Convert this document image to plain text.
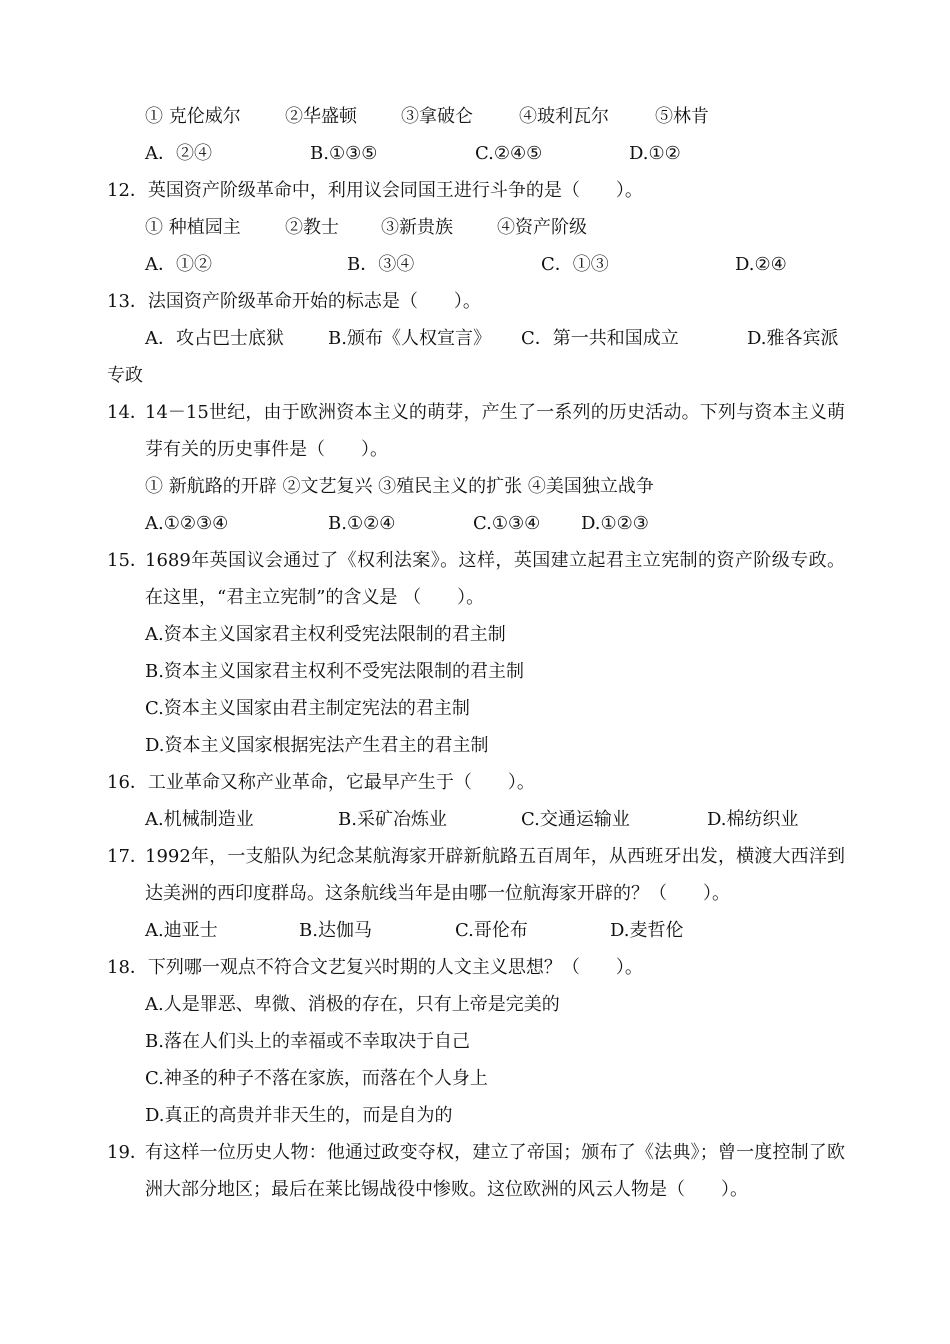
① 克伦威尔 ②华盛顿 ③拿破仑	④玻利瓦尔	⑤林肯
A．②④	B.①③⑤	C.②④⑤	D.①②
12．英国资产阶级革命中，利用议会同国王进行斗争的是（　　）。
① 种植园主 ②教士 ③新贵族 ④资产阶级
A．①②	B．③④	C．①③	D.②④
13．法国资产阶级革命开始的标志是（　　）。
A．攻占巴士底狱 B.颁布《人权宣言》 C．第一共和国成立	D.雅各宾派
专政
14．
14－15世纪，由于欧洲资本主义的萌芽，产生了一系列的历史活动。下列与资本主义萌芽有关的历史事件是（　　）。
① 新航路的开辟 ②文艺复兴 ③殖民主义的扩张 ④美国独立战争
A.①②③④	B.①②④	C.①③④ D.①②③
15．
1689年英国议会通过了《权利法案》。这样，英国建立起君主立宪制的资产阶级专政。在这里，“君主立宪制”的含义是 （　　）。
A.资本主义国家君主权利受宪法限制的君主制
B.资本主义国家君主权利不受宪法限制的君主制
C.资本主义国家由君主制定宪法的君主制
D.资本主义国家根据宪法产生君主的君主制
16．工业革命又称产业革命，它最早产生于（　　）。
A.机械制造业	B.采矿冶炼业	C.交通运输业	D.棉纺织业
17．
1992年，一支船队为纪念某航海家开辟新航路五百周年，从西班牙出发，横渡大西洋到达美洲的西印度群岛。这条航线当年是由哪一位航海家开辟的？（　　）。
A.迪亚士	B.达伽马	C.哥伦布	D.麦哲伦
18．下列哪一观点不符合文艺复兴时期的人文主义思想？（　　）。
A.人是罪恶、卑微、消极的存在，只有上帝是完美的
B.落在人们头上的幸福或不幸取决于自己
C.神圣的种子不落在家族，而落在个人身上
D.真正的高贵并非天生的，而是自为的
19．
有这样一位历史人物：他通过政变夺权，建立了帝国；颁布了《法典》；曾一度控制了欧洲大部分地区；最后在莱比锡战役中惨败。这位欧洲的风云人物是（　　）。
